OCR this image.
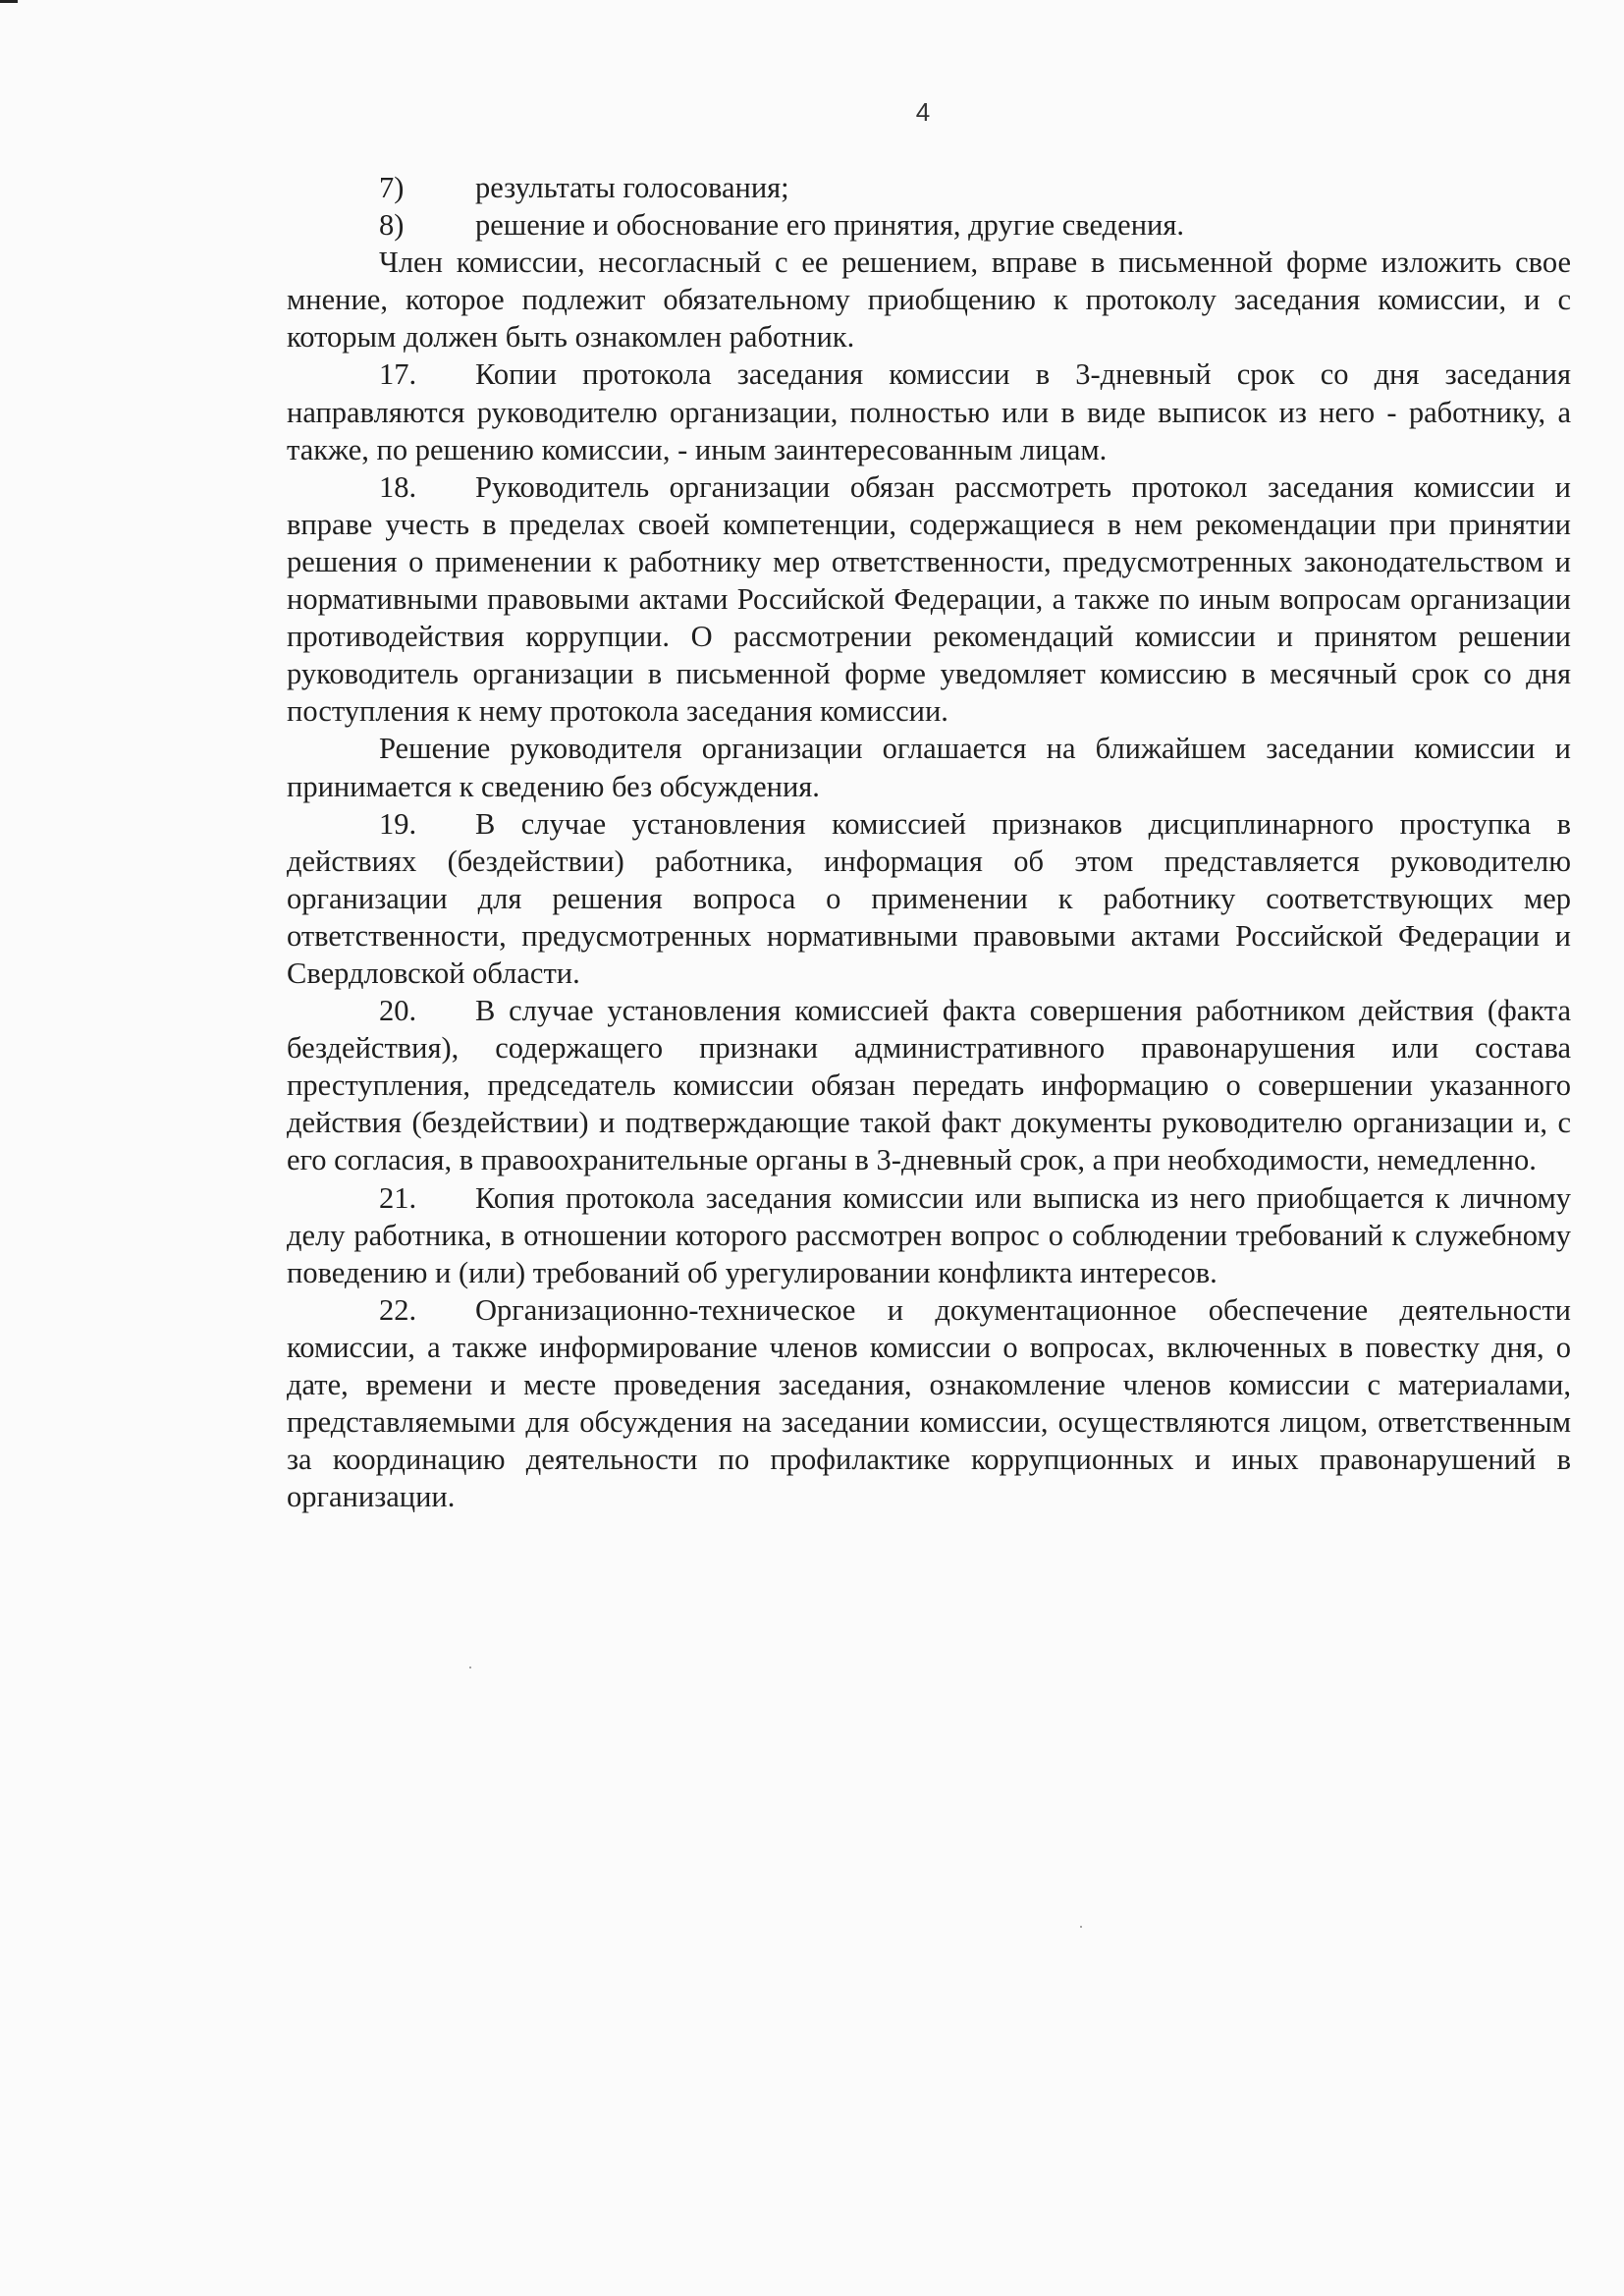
4

7) результаты голосования;

8) решение и обоснование его принятия, другие сведения.

Член комиссии, несогласный с ее решением, вправе в письменной форме изложить свое мнение, которое подлежит обязательному приобщению к протоколу заседания комиссии, и с которым должен быть ознакомлен работник.

17. Копии протокола заседания комиссии в 3-дневный срок со дня заседания направляются руководителю организации, полностью или в виде выписок из него - работнику, а также, по решению комиссии, - иным заинтересованным лицам.

18. Руководитель организации обязан рассмотреть протокол заседания комиссии и вправе учесть в пределах своей компетенции, содержащиеся в нем рекомендации при принятии решения о применении к работнику мер ответственности, предусмотренных законодательством и нормативными правовыми актами Российской Федерации, а также по иным вопросам организации противодействия коррупции. О рассмотрении рекомендаций комиссии и принятом решении руководитель организации в письменной форме уведомляет комиссию в месячный срок со дня поступления к нему протокола заседания комиссии.

Решение руководителя организации оглашается на ближайшем заседании комиссии и принимается к сведению без обсуждения.

19. В случае установления комиссией признаков дисциплинарного проступка в действиях (бездействии) работника, информация об этом представляется руководителю организации для решения вопроса о применении к работнику соответствующих мер ответственности, предусмотренных нормативными правовыми актами Российской Федерации и Свердловской области.

20. В случае установления комиссией факта совершения работником действия (факта бездействия), содержащего признаки административного правонарушения или состава преступления, председатель комиссии обязан передать информацию о совершении указанного действия (бездействии) и подтверждающие такой факт документы руководителю организации и, с его согласия, в правоохранительные органы в 3-дневный срок, а при необходимости, немедленно.

21. Копия протокола заседания комиссии или выписка из него приобщается к личному делу работника, в отношении которого рассмотрен вопрос о соблюдении требований к служебному поведению и (или) требований об урегулировании конфликта интересов.

22. Организационно-техническое и документационное обеспечение деятельности комиссии, а также информирование членов комиссии о вопросах, включенных в повестку дня, о дате, времени и месте проведения заседания, ознакомление членов комиссии с материалами, представляемыми для обсуждения на заседании комиссии, осуществляются лицом, ответственным за координацию деятельности по профилактике коррупционных и иных правонарушений в организации.
